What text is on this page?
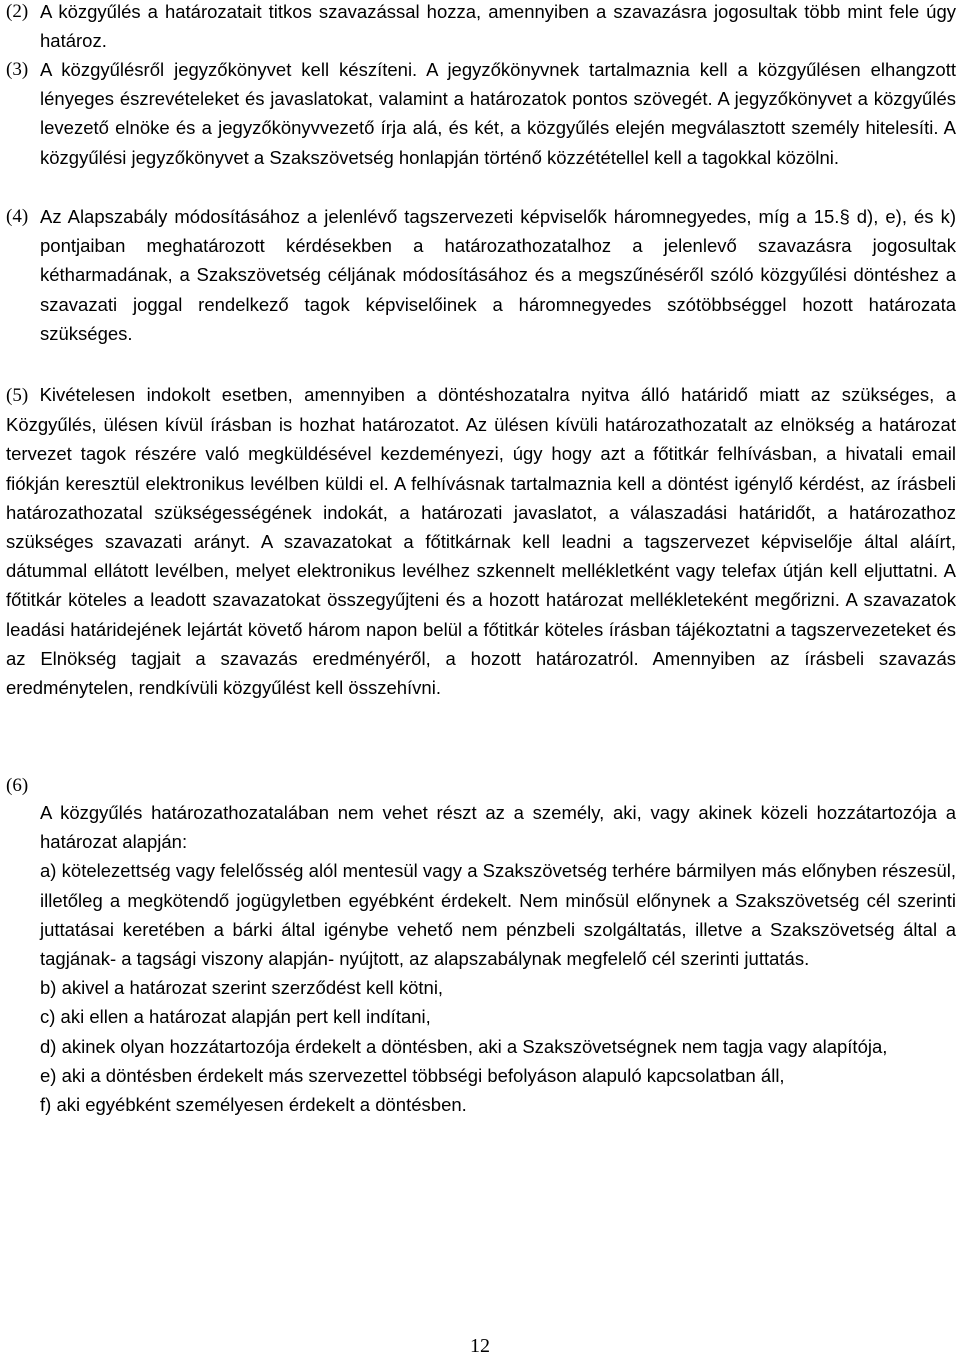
(2) A közgyűlés a határozatait titkos szavazással hozza, amennyiben a szavazásra jogosultak több mint fele úgy határoz.
(3) A közgyűlésről jegyzőkönyvet kell készíteni. A jegyzőkönyvnek tartalmaznia kell a közgyűlésen elhangzott lényeges észrevételeket és javaslatokat, valamint a határozatok pontos szövegét. A jegyzőkönyvet a közgyűlés levezető elnöke és a jegyzőkönyvvezető írja alá, és két, a közgyűlés elején megválasztott személy hitelesíti. A közgyűlési jegyzőkönyvet a Szakszövetség honlapján történő közzététellel kell a tagokkal közölni.
(4) Az Alapszabály módosításához a jelenlévő tagszervezeti képviselők háromnegyedes, míg a 15.§ d), e), és k) pontjaiban meghatározott kérdésekben a határozathozatalhoz a jelenlevő szavazásra jogosultak kétharmadának, a Szakszövetség céljának módosításához és a megszűnéséről szóló közgyűlési döntéshez a szavazati joggal rendelkező tagok képviselőinek a háromnegyedes szótöbbséggel hozott határozata szükséges.
(5) Kivételesen indokolt esetben, amennyiben a döntéshozatalra nyitva álló határidő miatt az szükséges, a Közgyűlés, ülésen kívül írásban is hozhat határozatot. Az ülésen kívüli határozathozatalt az elnökség a határozat tervezet tagok részére való megküldésével kezdeményezi, úgy hogy azt a főtitkár felhívásban, a hivatali email fiókján keresztül elektronikus levélben küldi el. A felhívásnak tartalmaznia kell a döntést igénylő kérdést, az írásbeli határozathozatal szükségességének indokát, a határozati javaslatot, a válaszadási határidőt, a határozathoz szükséges szavazati arányt. A szavazatokat a főtitkárnak kell leadni a tagszervezet képviselője által aláírt, dátummal ellátott levélben, melyet elektronikus levélhez szkennelt mellékletként vagy telefax útján kell eljuttatni. A főtitkár köteles a leadott szavazatokat összegyűjteni és a hozott határozat mellékleteként megőrizni. A szavazatok leadási határidejének lejártát követő három napon belül a főtitkár köteles írásban tájékoztatni a tagszervezeteket és az Elnökség tagjait a szavazás eredményéről, a hozott határozatról. Amennyiben az írásbeli szavazás eredménytelen, rendkívüli közgyűlést kell összehívni.
(6)
A közgyűlés határozathozatalában nem vehet részt az a személy, aki, vagy akinek közeli hozzátartozója a határozat alapján:
a) kötelezettség vagy felelősség alól mentesül vagy a Szakszövetség terhére bármilyen más előnyben részesül, illetőleg a megkötendő jogügyletben egyébként érdekelt. Nem minősül előnynek a Szakszövetség cél szerinti juttatásai keretében a bárki által igénybe vehető nem pénzbeli szolgáltatás, illetve a Szakszövetség által a tagjának- a tagsági viszony alapján- nyújtott, az alapszabálynak megfelelő cél szerinti juttatás.
b) akivel a határozat szerint szerződést kell kötni,
c) aki ellen a határozat alapján pert kell indítani,
d) akinek olyan hozzátartozója érdekelt a döntésben, aki a Szakszövetségnek nem tagja vagy alapítója,
e) aki a döntésben érdekelt más szervezettel többségi befolyáson alapuló kapcsolatban áll,
f) aki egyébként személyesen érdekelt a döntésben.
12
